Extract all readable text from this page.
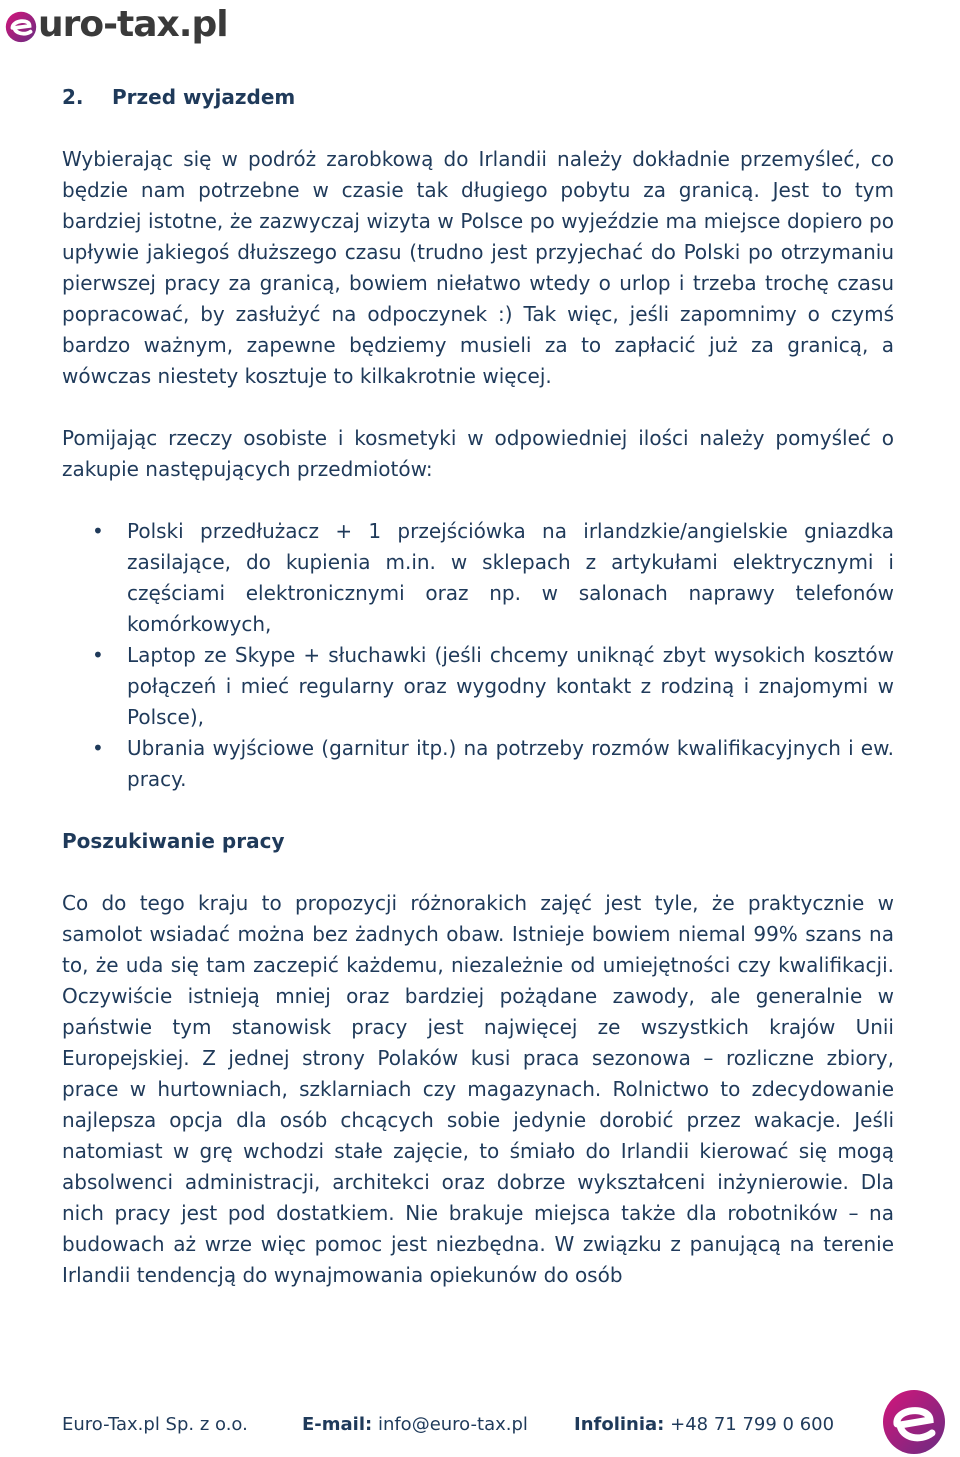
uro-tax.pl
2. Przed wyjazdem

Wybierając się w podróż zarobkową do Irlandii należy dokładnie przemyśleć, co będzie nam potrzebne w czasie tak długiego pobytu za granicą. Jest to tym bardziej istotne, że zazwyczaj wizyta w Polsce po wyjeździe ma miejsce dopiero po upływie jakiegoś dłuższego czasu (trudno jest przyjechać do Polski po otrzymaniu pierwszej pracy za granicą, bowiem niełatwo wtedy o urlop i trzeba trochę czasu popracować, by zasłużyć na odpoczynek :) Tak więc, jeśli zapomnimy o czymś bardzo ważnym, zapewne będziemy musieli za to zapłacić już za granicą, a wówczas niestety kosztuje to kilkakrotnie więcej.

Pomijając rzeczy osobiste i kosmetyki w odpowiedniej ilości należy pomyśleć o zakupie następujących przedmiotów:

• Polski przedłużacz + 1 przejściówka na irlandzkie/angielskie gniazdka zasilające, do kupienia m.in. w sklepach z artykułami elektrycznymi i częściami elektronicznymi oraz np. w salonach naprawy telefonów komórkowych,
• Laptop ze Skype + słuchawki (jeśli chcemy uniknąć zbyt wysokich kosztów połączeń i mieć regularny oraz wygodny kontakt z rodziną i znajomymi w Polsce),
• Ubrania wyjściowe (garnitur itp.) na potrzeby rozmów kwalifikacyjnych i ew. pracy.
Poszukiwanie pracy

Co do tego kraju to propozycji różnorakich zajęć jest tyle, że praktycznie w samolot wsiadać można bez żadnych obaw. Istnieje bowiem niemal 99% szans na to, że uda się tam zaczepić każdemu, niezależnie od umiejętności czy kwalifikacji. Oczywiście istnieją mniej oraz bardziej pożądane zawody, ale generalnie w państwie tym stanowisk pracy jest najwięcej ze wszystkich krajów Unii Europejskiej. Z jednej strony Polaków kusi praca sezonowa – rozliczne zbiory, prace w hurtowniach, szklarniach czy magazynach. Rolnictwo to zdecydowanie najlepsza opcja dla osób chcących sobie jedynie dorobić przez wakacje. Jeśli natomiast w grę wchodzi stałe zajęcie, to śmiało do Irlandii kierować się mogą absolwenci administracji, architekci oraz dobrze wykształceni inżynierowie. Dla nich pracy jest pod dostatkiem. Nie brakuje miejsca także dla robotników – na budowach aż wrze więc pomoc jest niezbędna. W związku z panującą na terenie Irlandii tendencją do wynajmowania opiekunów do osób

Euro-Tax.pl Sp. z o.o.	E-mail: info@euro-tax.pl	Infolinia: +48 71 799 0 600
